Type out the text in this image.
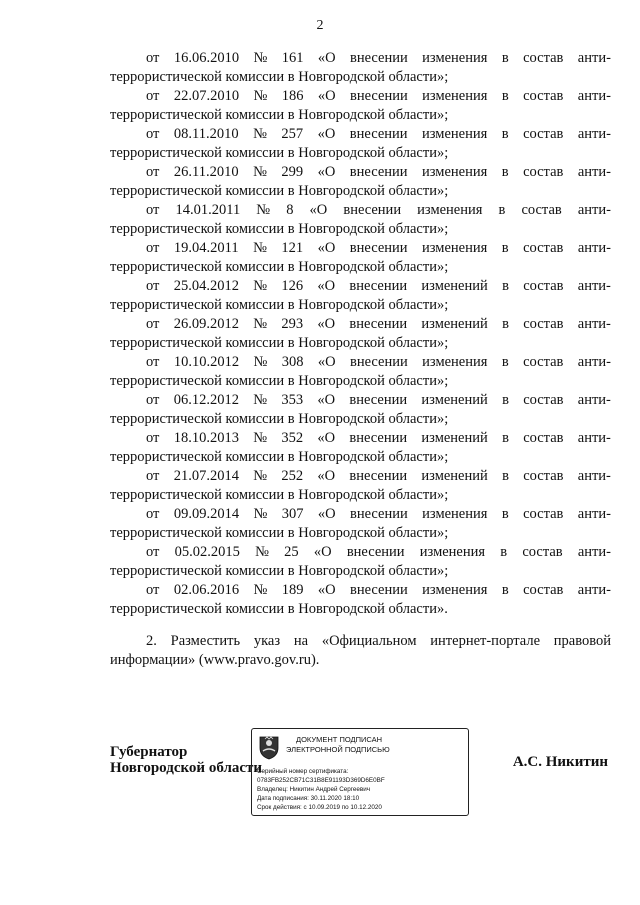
2
от 16.06.2010 № 161 «О внесении изменения в состав анти-
террористической комиссии в Новгородской области»;
от 22.07.2010 № 186 «О внесении изменения в состав анти-
террористической комиссии в Новгородской области»;
от 08.11.2010 № 257 «О внесении изменения в состав анти-
террористической комиссии в Новгородской области»;
от 26.11.2010 № 299 «О внесении изменения в состав анти-
террористической комиссии в Новгородской области»;
от 14.01.2011 № 8 «О внесении изменения в состав анти-
террористической комиссии в Новгородской области»;
от 19.04.2011 № 121 «О внесении изменения в состав анти-
террористической комиссии в Новгородской области»;
от 25.04.2012 № 126 «О внесении изменений в состав анти-
террористической комиссии в Новгородской области»;
от 26.09.2012 № 293 «О внесении изменений в состав анти-
террористической комиссии в Новгородской области»;
от 10.10.2012 № 308 «О внесении изменения в состав анти-
террористической комиссии в Новгородской области»;
от 06.12.2012 № 353 «О внесении изменений в состав анти-
террористической комиссии в Новгородской области»;
от 18.10.2013 № 352 «О внесении изменений в состав анти-
террористической комиссии в Новгородской области»;
от 21.07.2014 № 252 «О внесении изменений в состав анти-
террористической комиссии в Новгородской области»;
от 09.09.2014 № 307 «О внесении изменения в состав анти-
террористической комиссии в Новгородской области»;
от 05.02.2015 № 25 «О внесении изменения в состав анти-
террористической комиссии в Новгородской области»;
от 02.06.2016 № 189 «О внесении изменения в состав анти-
террористической комиссии в Новгородской области».
2. Разместить указ на «Официальном интернет-портале правовой
информации» (www.pravo.gov.ru).
Губернатор
Новгородской области
ДОКУМЕНТ ПОДПИСАН
ЭЛЕКТРОННОЙ ПОДПИСЬЮ
Серийный номер сертификата:
0783FB252CB71C31B8E91193D369D6E0BF
Владелец: Никитин Андрей Сергеевич
Дата подписания: 30.11.2020 18:10
Срок действия: с 10.09.2019 по 10.12.2020
А.С. Никитин
